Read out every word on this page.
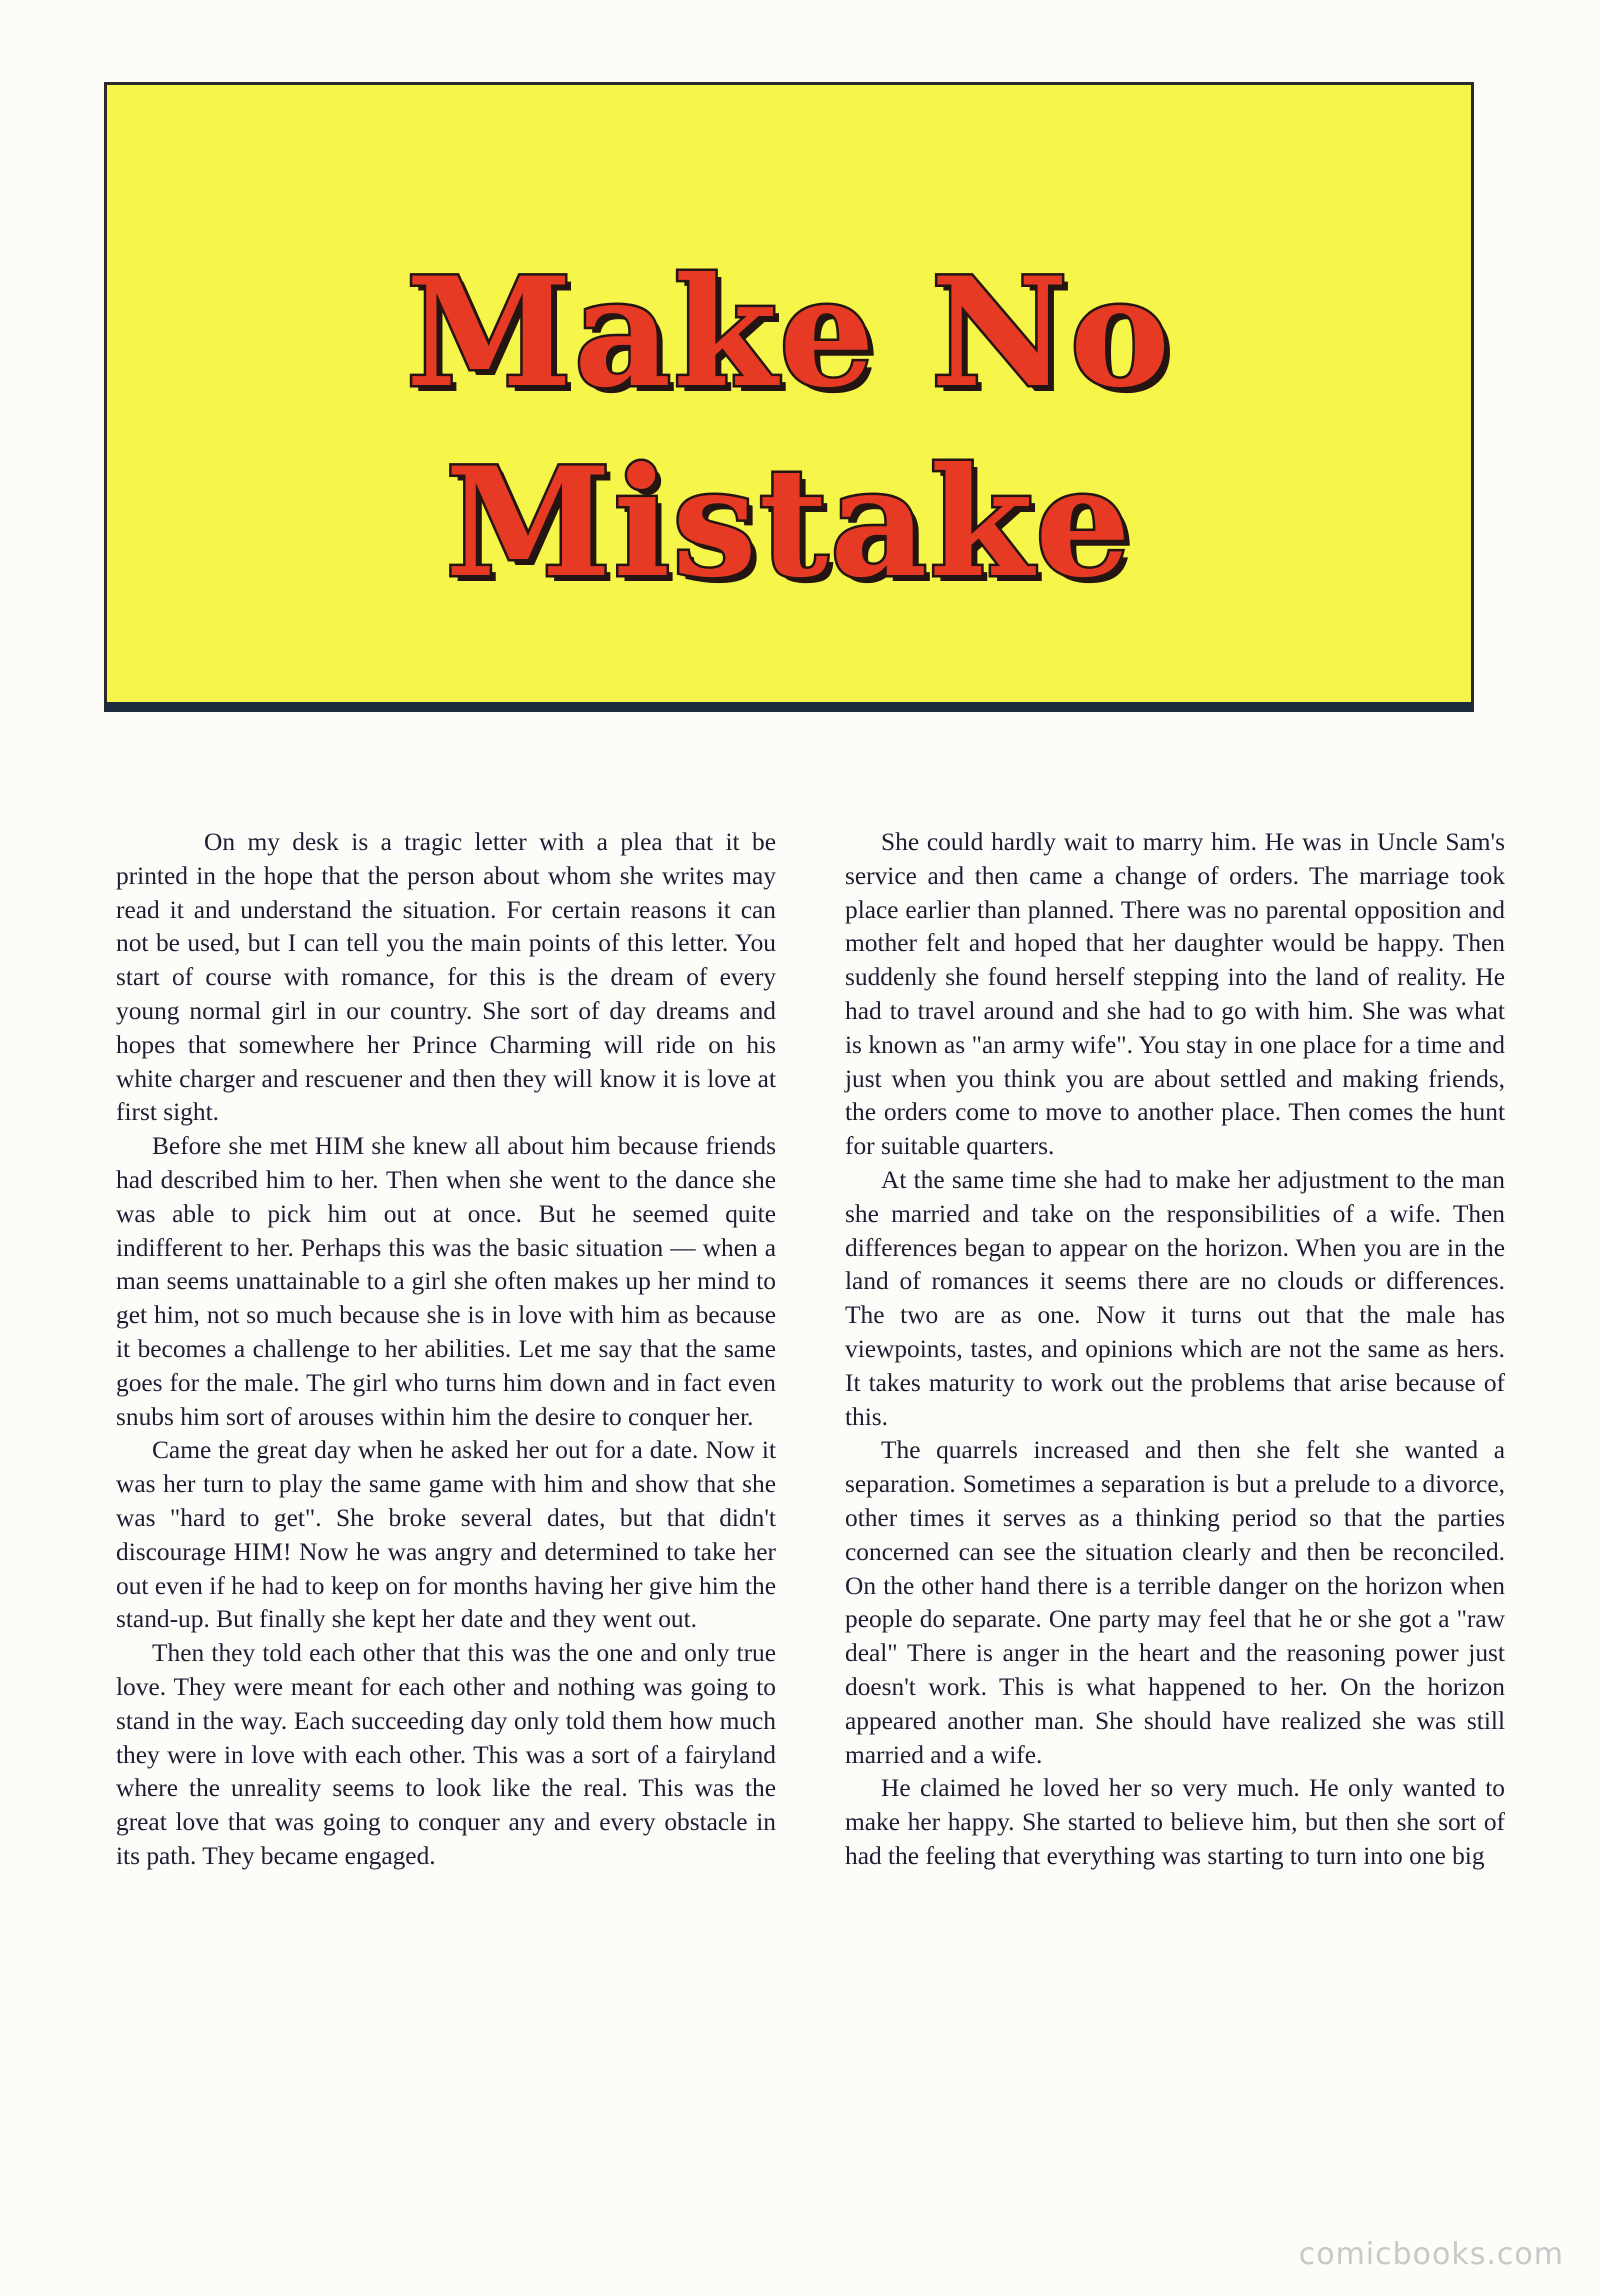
Make No
Mistake

On my desk is a tragic letter with a plea that it be printed in the hope that the person about whom she writes may read it and understand the situation. For certain reasons it can not be used, but I can tell you the main points of this letter. You start of course with romance, for this is the dream of every young normal girl in our country. She sort of day dreams and hopes that somewhere her Prince Charming will ride on his white charger and rescuener and then they will know it is love at first sight.

Before she met HIM she knew all about him because friends had described him to her. Then when she went to the dance she was able to pick him out at once. But he seemed quite indifferent to her. Perhaps this was the basic situation — when a man seems unattainable to a girl she often makes up her mind to get him, not so much because she is in love with him as because it becomes a challenge to her abilities. Let me say that the same goes for the male. The girl who turns him down and in fact even snubs him sort of arouses within him the desire to conquer her.

Came the great day when he asked her out for a date. Now it was her turn to play the same game with him and show that she was "hard to get". She broke several dates, but that didn't discourage HIM! Now he was angry and determined to take her out even if he had to keep on for months having her give him the stand-up. But finally she kept her date and they went out.

Then they told each other that this was the one and only true love. They were meant for each other and nothing was going to stand in the way. Each succeeding day only told them how much they were in love with each other. This was a sort of a fairyland where the unreality seems to look like the real. This was the great love that was going to conquer any and every obstacle in its path. They became engaged.

She could hardly wait to marry him. He was in Uncle Sam's service and then came a change of orders. The marriage took place earlier than planned. There was no parental opposition and mother felt and hoped that her daughter would be happy. Then suddenly she found herself stepping into the land of reality. He had to travel around and she had to go with him. She was what is known as "an army wife". You stay in one place for a time and just when you think you are about settled and making friends, the orders come to move to another place. Then comes the hunt for suitable quarters.

At the same time she had to make her adjustment to the man she married and take on the responsibilities of a wife. Then differences began to appear on the horizon. When you are in the land of romances it seems there are no clouds or differences. The two are as one. Now it turns out that the male has viewpoints, tastes, and opinions which are not the same as hers. It takes maturity to work out the problems that arise because of this.

The quarrels increased and then she felt she wanted a separation. Sometimes a separation is but a prelude to a divorce, other times it serves as a thinking period so that the parties concerned can see the situation clearly and then be reconciled. On the other hand there is a terrible danger on the horizon when people do separate. One party may feel that he or she got a "raw deal" There is anger in the heart and the reasoning power just doesn't work. This is what happened to her. On the horizon appeared another man. She should have realized she was still married and a wife.

He claimed he loved her so very much. He only wanted to make her happy. She started to believe him, but then she sort of had the feeling that everything was starting to turn into one big

comicbooks.com
